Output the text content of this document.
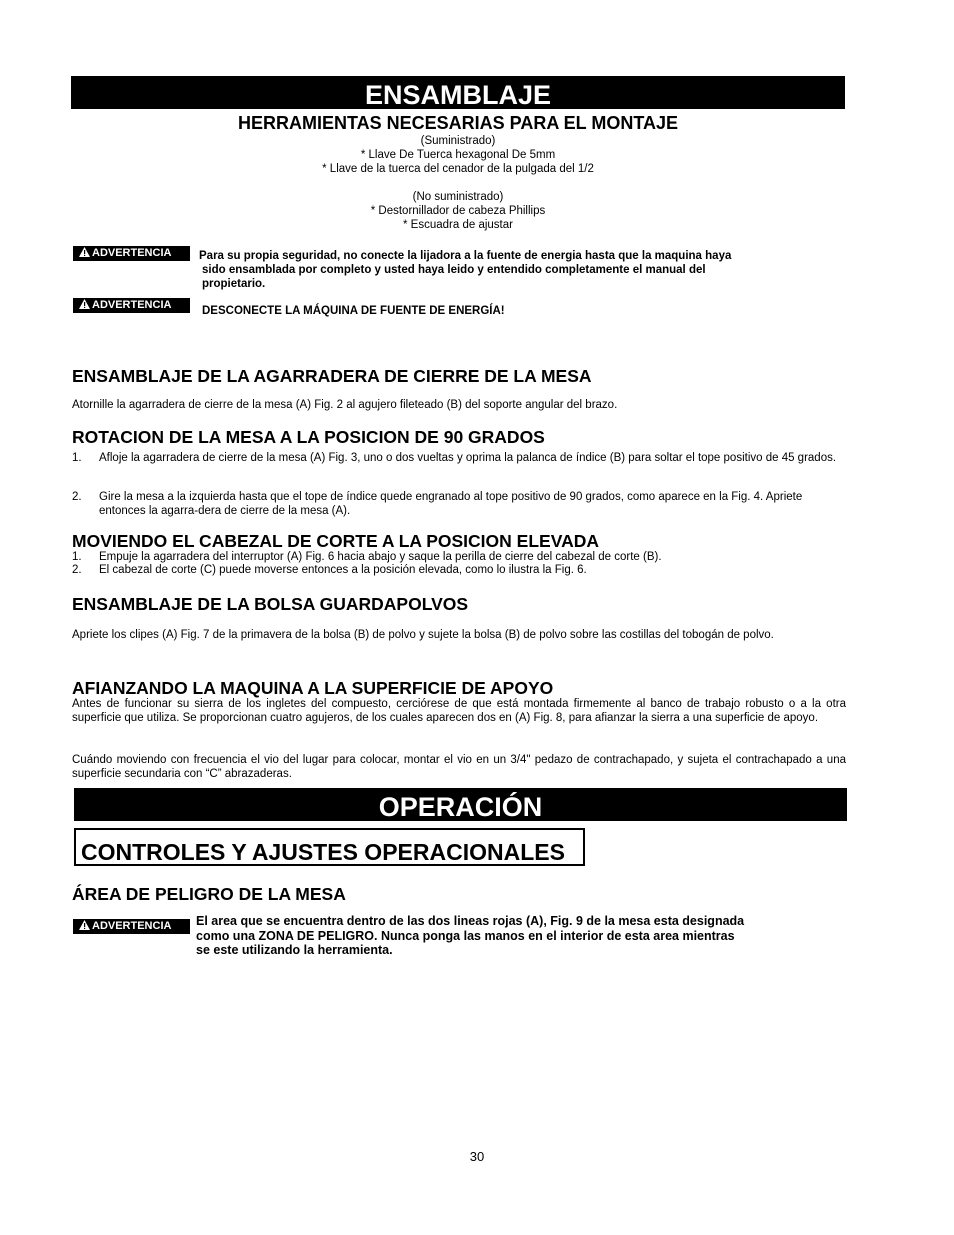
ENSAMBLAJE
HERRAMIENTAS NECESARIAS PARA EL MONTAJE
(Suministrado)
* Llave De Tuerca hexagonal De 5mm
* Llave de la tuerca del cenador de la pulgada del 1/2
(No suministrado)
* Destornillador de cabeza Phillips
* Escuadra de ajustar
ADVERTENCIA	Para su propia seguridad, no conecte la lijadora a la fuente de energia hasta que la maquina haya
sido ensamblada por completo y usted haya leido y entendido completamente el manual del
propietario.
ADVERTENCIA	DESCONECTE LA MÁQUINA DE FUENTE DE ENERGÍA!
ENSAMBLAJE DE LA AGARRADERA DE CIERRE DE LA MESA
Atornille la agarradera de cierre de la mesa (A) Fig. 2 al agujero fileteado (B) del soporte angular del brazo.
ROTACION DE LA MESA A LA POSICION DE 90 GRADOS
1. Afloje la agarradera de cierre de la mesa (A) Fig. 3, uno o dos vueltas y oprima la palanca de índice (B) para soltar el tope positivo de 45 grados.
2. Gire la mesa a la izquierda hasta que el tope de índice quede engranado al tope positivo de 90 grados, como aparece en la Fig. 4. Apriete entonces la agarra-dera de cierre de la mesa (A).
MOVIENDO EL CABEZAL DE CORTE A LA POSICION ELEVADA
1. Empuje la agarradera del interruptor (A) Fig. 6 hacia abajo y saque la perilla de cierre del cabezal de corte (B).
2. El cabezal de corte (C) puede moverse entonces a la posición elevada, como lo ilustra la Fig. 6.
ENSAMBLAJE DE LA BOLSA GUARDAPOLVOS
Apriete los clipes (A) Fig. 7 de la primavera de la bolsa (B) de polvo y sujete la bolsa (B) de polvo sobre las costillas del tobogán de polvo.
AFIANZANDO LA MAQUINA A LA SUPERFICIE DE APOYO
Antes de funcionar su sierra de los ingletes del compuesto, cerciórese de que está montada firmemente al banco de trabajo robusto o a la otra superficie que utiliza. Se proporcionan cuatro agujeros, de los cuales aparecen dos en (A) Fig. 8, para afianzar la sierra a una superficie de apoyo.
Cuándo moviendo con frecuencia el vio del lugar para colocar, montar el vio en un 3/4" pedazo de contrachapado, y sujeta el contrachapado a una superficie secundaria con “C” abrazaderas.
OPERACIÓN
CONTROLES Y AJUSTES OPERACIONALES
ÁREA DE PELIGRO DE LA MESA
ADVERTENCIA	El area que se encuentra dentro de las dos lineas rojas (A), Fig. 9 de la mesa esta designada
como una ZONA DE PELIGRO. Nunca ponga las manos en el interior de esta area mientras
se este utilizando la herramienta.
30
